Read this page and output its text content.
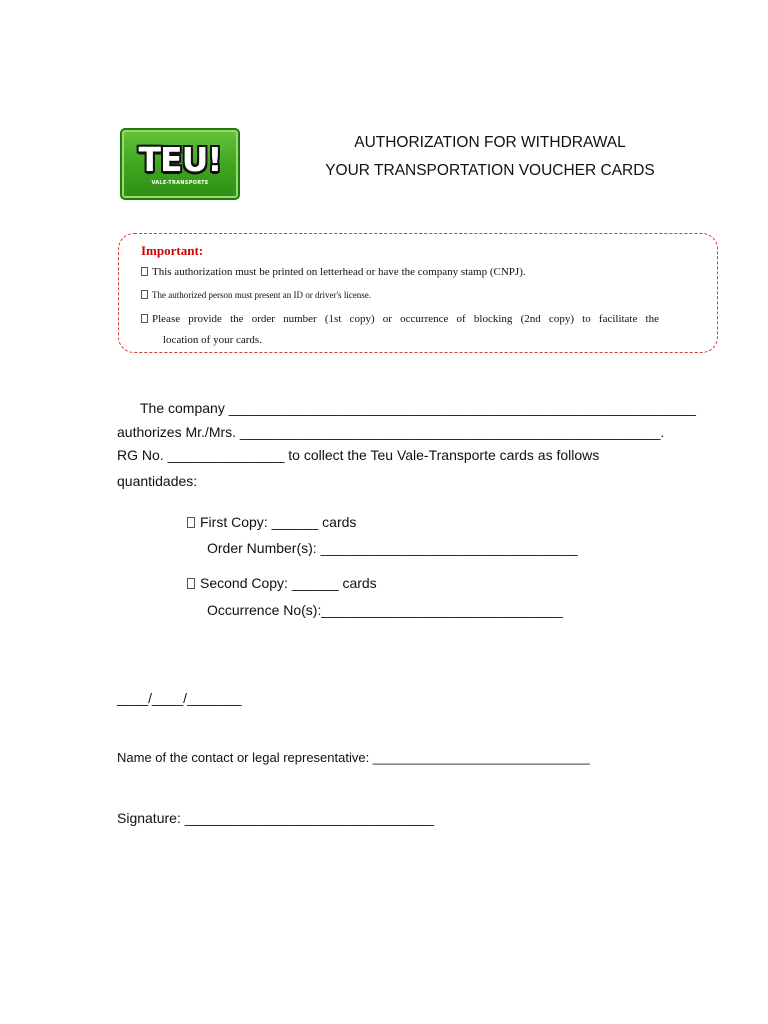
TEU!
VALE-TRANSPORTE
AUTHORIZATION FOR WITHDRAWAL
YOUR TRANSPORTATION VOUCHER CARDS
Important:
This authorization must be printed on letterhead or have the company stamp (CNPJ).
The authorized person must present an ID or driver's license.
Please provide the order number (1st copy) or occurrence of blocking (2nd copy) to facilitate the
location of your cards.
The company ____________________________________________________________
authorizes Mr./Mrs. ______________________________________________________.
RG No. _______________ to collect the Teu Vale-Transporte cards as follows
quantidades:
First Copy: ______ cards
Order Number(s): _________________________________
Second Copy: ______ cards
Occurrence No(s):_______________________________
____/____/_______
Name of the contact or legal representative: ______________________________
Signature: ________________________________
